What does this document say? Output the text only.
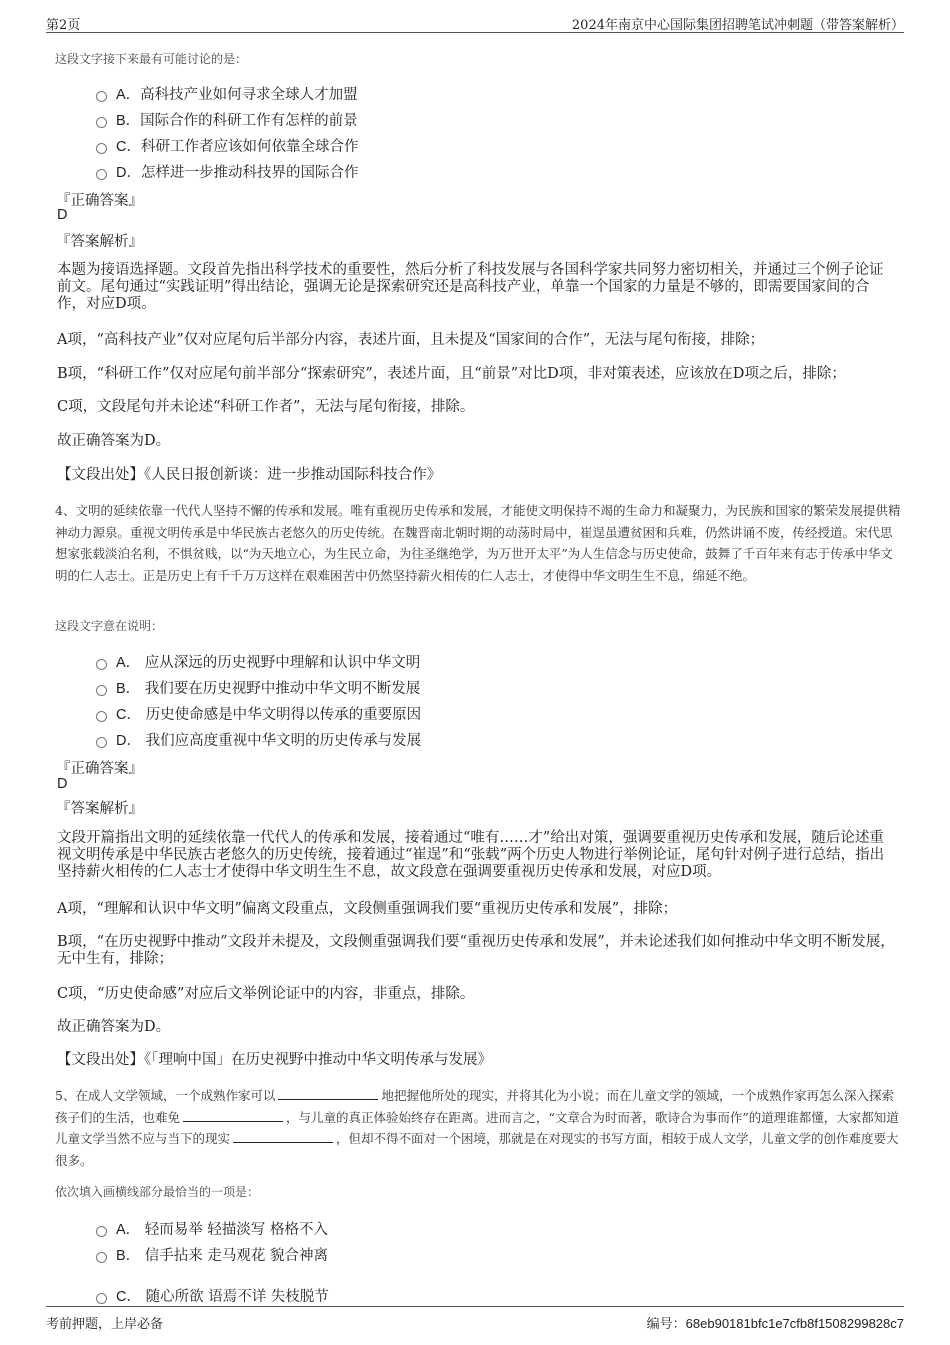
第2页	2024年南京中心国际集团招聘笔试冲刺题（带答案解析）
这段文字接下来最有可能讨论的是：
A．高科技产业如何寻求全球人才加盟
B．国际合作的科研工作有怎样的前景
C．科研工作者应该如何依靠全球合作
D．怎样进一步推动科技界的国际合作
『正确答案』
D
『答案解析』
本题为接语选择题。文段首先指出科学技术的重要性，然后分析了科技发展与各国科学家共同努力密切相关，并通过三个例子论证前文。尾句通过“实践证明”得出结论，强调无论是探索研究还是高科技产业，单靠一个国家的力量是不够的，即需要国家间的合作，对应D项。
A项，“高科技产业”仅对应尾句后半部分内容，表述片面，且未提及“国家间的合作”，无法与尾句衔接，排除；
B项，“科研工作”仅对应尾句前半部分“探索研究”，表述片面，且“前景”对比D项，非对策表述，应该放在D项之后，排除；
C项，文段尾句并未论述“科研工作者”，无法与尾句衔接，排除。
故正确答案为D。
【文段出处】《人民日报创新谈：进一步推动国际科技合作》
4、文明的延续依靠一代代人坚持不懈的传承和发展。唯有重视历史传承和发展，才能使文明保持不竭的生命力和凝聚力，为民族和国家的繁荣发展提供精神动力源泉。重视文明传承是中华民族古老悠久的历史传统。在魏晋南北朝时期的动荡时局中，崔逞虽遭贫困和兵难，仍然讲诵不废，传经授道。宋代思想家张载淡泊名利，不惧贫贱，以“为天地立心，为生民立命，为往圣继绝学，为万世开太平”为人生信念与历史使命，鼓舞了千百年来有志于传承中华文明的仁人志士。正是历史上有千千万万这样在艰难困苦中仍然坚持薪火相传的仁人志士，才使得中华文明生生不息，绵延不绝。
这段文字意在说明：
A． 应从深远的历史视野中理解和认识中华文明
B． 我们要在历史视野中推动中华文明不断发展
C． 历史使命感是中华文明得以传承的重要原因
D． 我们应高度重视中华文明的历史传承与发展
『正确答案』
D
『答案解析』
文段开篇指出文明的延续依靠一代代人的传承和发展，接着通过“唯有……才”给出对策，强调要重视历史传承和发展，随后论述重视文明传承是中华民族古老悠久的历史传统，接着通过“崔逞”和“张载”两个历史人物进行举例论证，尾句针对例子进行总结，指出坚持薪火相传的仁人志士才使得中华文明生生不息，故文段意在强调要重视历史传承和发展，对应D项。
A项，“理解和认识中华文明”偏离文段重点，文段侧重强调我们要“重视历史传承和发展”，排除；
B项，“在历史视野中推动”文段并未提及，文段侧重强调我们要“重视历史传承和发展”，并未论述我们如何推动中华文明不断发展，无中生有，排除；
C项，“历史使命感”对应后文举例论证中的内容，非重点，排除。
故正确答案为D。
【文段出处】《「理响中国」在历史视野中推动中华文明传承与发展》
5、在成人文学领域，一个成熟作家可以	地把握他所处的现实，并将其化为小说；而在儿童文学的领域，一个成熟作家再怎么深入探索孩子们的生活，也难免	，与儿童的真正体验始终存在距离。进而言之，“文章合为时而著，歌诗合为事而作”的道理谁都懂，大家都知道儿童文学当然不应与当下的现实	，但却不得不面对一个困境，那就是在对现实的书写方面，相较于成人文学，儿童文学的创作难度要大很多。
依次填入画横线部分最恰当的一项是：
A． 轻而易举 轻描淡写 格格不入
B． 信手拈来 走马观花 貌合神离
C． 随心所欲 语焉不详 失枝脱节
考前押题，上岸必备	编号：68eb90181bfc1e7cfb8f1508299828c7
